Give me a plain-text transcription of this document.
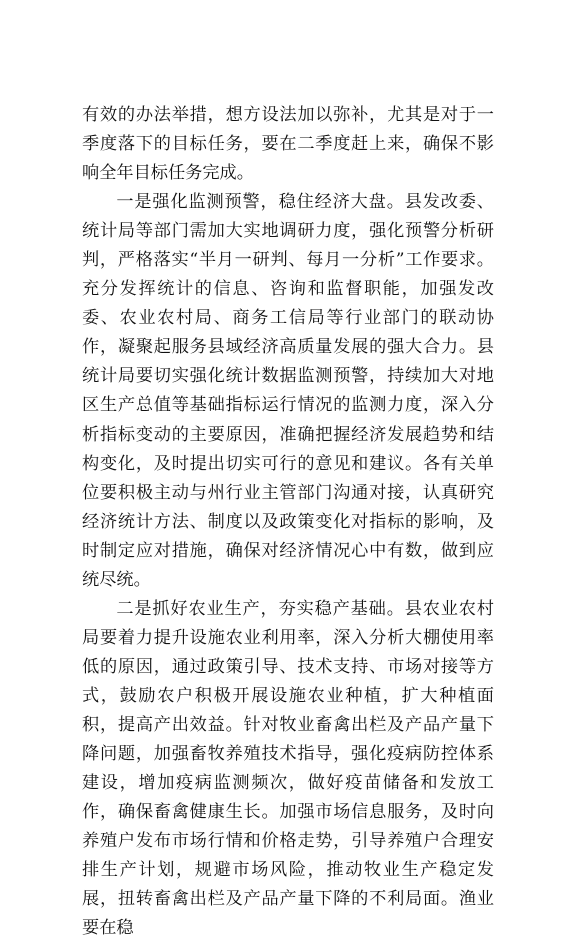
有效的办法举措，想方设法加以弥补，尤其是对于一季度落下的目标任务，要在二季度赶上来，确保不影响全年目标任务完成。

一是强化监测预警，稳住经济大盘。县发改委、统计局等部门需加大实地调研力度，强化预警分析研判，严格落实“半月一研判、每月一分析”工作要求。充分发挥统计的信息、咨询和监督职能，加强发改委、农业农村局、商务工信局等行业部门的联动协作，凝聚起服务县域经济高质量发展的强大合力。县统计局要切实强化统计数据监测预警，持续加大对地区生产总值等基础指标运行情况的监测力度，深入分析指标变动的主要原因，准确把握经济发展趋势和结构变化，及时提出切实可行的意见和建议。各有关单位要积极主动与州行业主管部门沟通对接，认真研究经济统计方法、制度以及政策变化对指标的影响，及时制定应对措施，确保对经济情况心中有数，做到应统尽统。

二是抓好农业生产，夯实稳产基础。县农业农村局要着力提升设施农业利用率，深入分析大棚使用率低的原因，通过政策引导、技术支持、市场对接等方式，鼓励农户积极开展设施农业种植，扩大种植面积，提高产出效益。针对牧业畜禽出栏及产品产量下降问题，加强畜牧养殖技术指导，强化疫病防控体系建设，增加疫病监测频次，做好疫苗储备和发放工作，确保畜禽健康生长。加强市场信息服务，及时向养殖户发布市场行情和价格走势，引导养殖户合理安排生产计划，规避市场风险，推动牧业生产稳定发展，扭转畜禽出栏及产品产量下降的不利局面。渔业要在稳
